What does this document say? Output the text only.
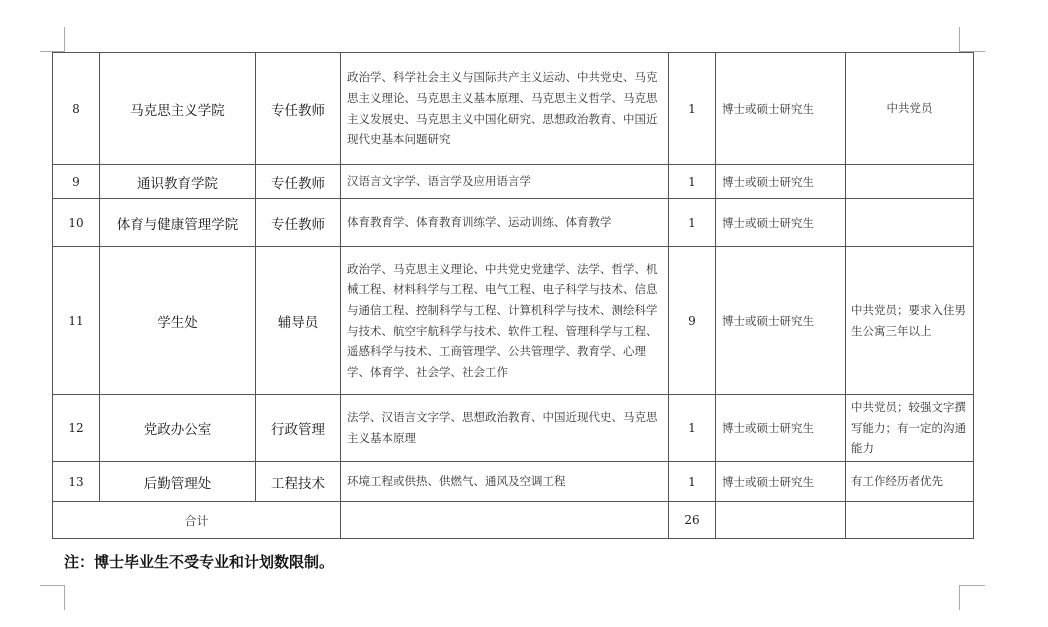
8	马克思主义学院	专任教师	政治学、科学社会主义与国际共产主义运动、中共党史、马克思主义理论、马克思主义基本原理、马克思主义哲学、马克思主义发展史、马克思主义中国化研究、思想政治教育、中国近现代史基本问题研究	1	博士或硕士研究生	中共党员
9	通识教育学院	专任教师	汉语言文字学、语言学及应用语言学	1	博士或硕士研究生	
10	体育与健康管理学院	专任教师	体育教育学、体育教育训练学、运动训练、体育教学	1	博士或硕士研究生	
11	学生处	辅导员	政治学、马克思主义理论、中共党史党建学、法学、哲学、机械工程、材料科学与工程、电气工程、电子科学与技术、信息与通信工程、控制科学与工程、计算机科学与技术、测绘科学与技术、航空宇航科学与技术、软件工程、管理科学与工程、遥感科学与技术、工商管理学、公共管理学、教育学、心理学、体育学、社会学、社会工作	9	博士或硕士研究生	中共党员；要求入住男生公寓三年以上
12	党政办公室	行政管理	法学、汉语言文字学、思想政治教育、中国近现代史、马克思主义基本原理	1	博士或硕士研究生	中共党员；较强文字撰写能力；有一定的沟通能力
13	后勤管理处	工程技术	环境工程或供热、供燃气、通风及空调工程	1	博士或硕士研究生	有工作经历者优先
合计				26		
注：博士毕业生不受专业和计划数限制。
